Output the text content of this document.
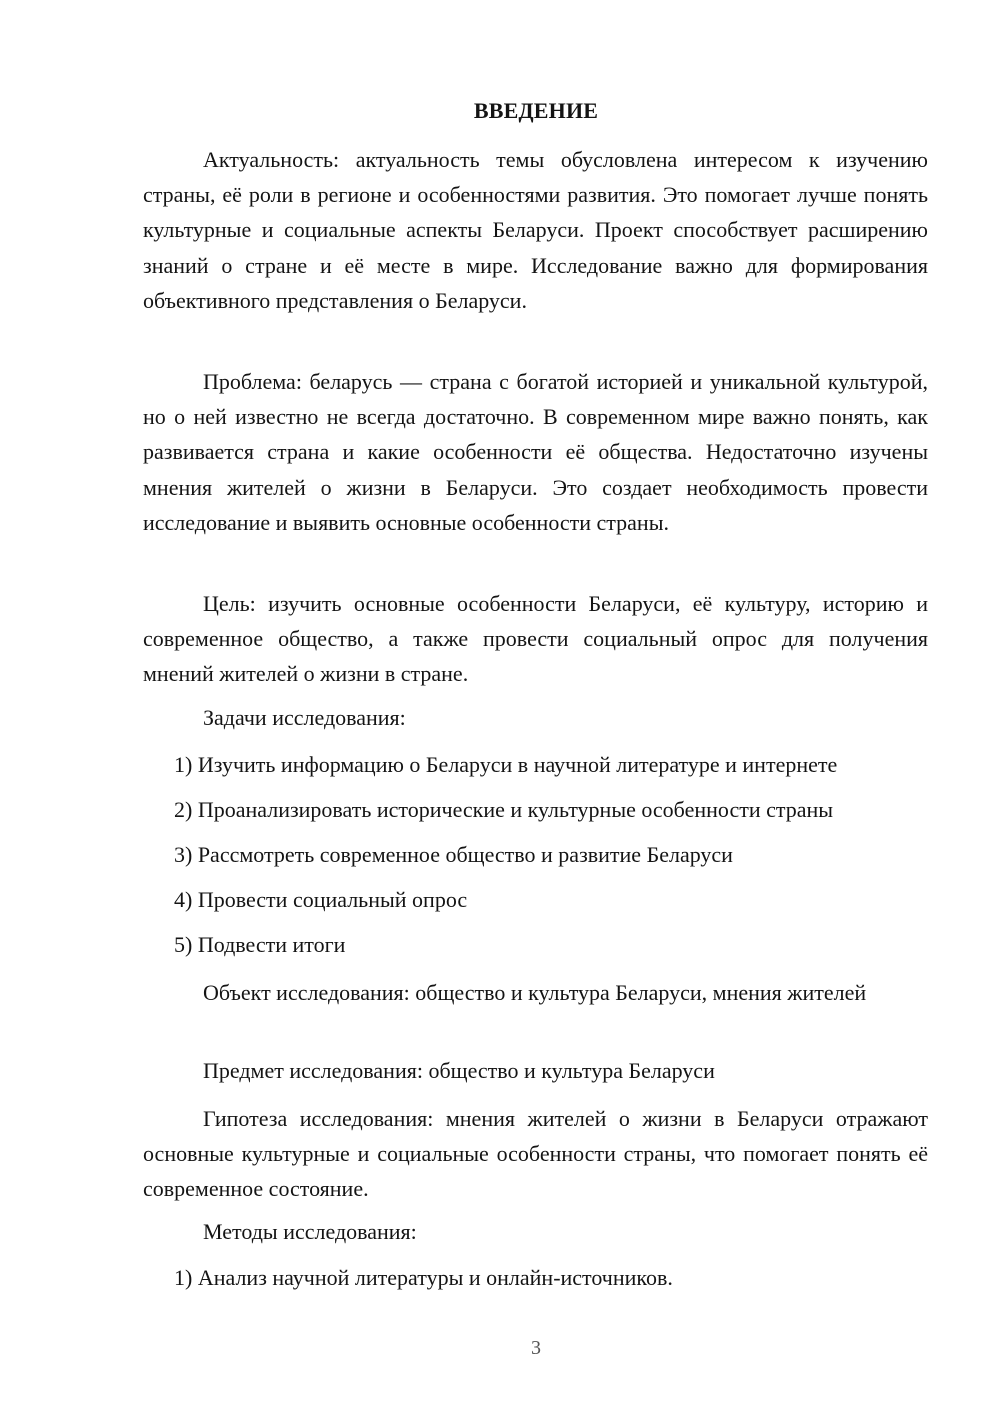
ВВЕДЕНИЕ

Актуальность: актуальность темы обусловлена интересом к изучению страны, её роли в регионе и особенностями развития. Это помогает лучше понять культурные и социальные аспекты Беларуси. Проект способствует расширению знаний о стране и её месте в мире. Исследование важно для формирования объективного представления о Беларуси.

Проблема: беларусь — страна с богатой историей и уникальной культурой, но о ней известно не всегда достаточно. В современном мире важно понять, как развивается страна и какие особенности её общества. Недостаточно изучены мнения жителей о жизни в Беларуси. Это создает необходимость провести исследование и выявить основные особенности страны.

Цель: изучить основные особенности Беларуси, её культуру, историю и современное общество, а также провести социальный опрос для получения мнений жителей о жизни в стране.

Задачи исследования:

1) Изучить информацию о Беларуси в научной литературе и интернете

2) Проанализировать исторические и культурные особенности страны

3) Рассмотреть современное общество и развитие Беларуси

4) Провести социальный опрос

5) Подвести итоги

Объект исследования: общество и культура Беларуси, мнения жителей

Предмет исследования: общество и культура Беларуси

Гипотеза исследования: мнения жителей о жизни в Беларуси отражают основные культурные и социальные особенности страны, что помогает понять её современное состояние.

Методы исследования:

1) Анализ научной литературы и онлайн-источников.

3
